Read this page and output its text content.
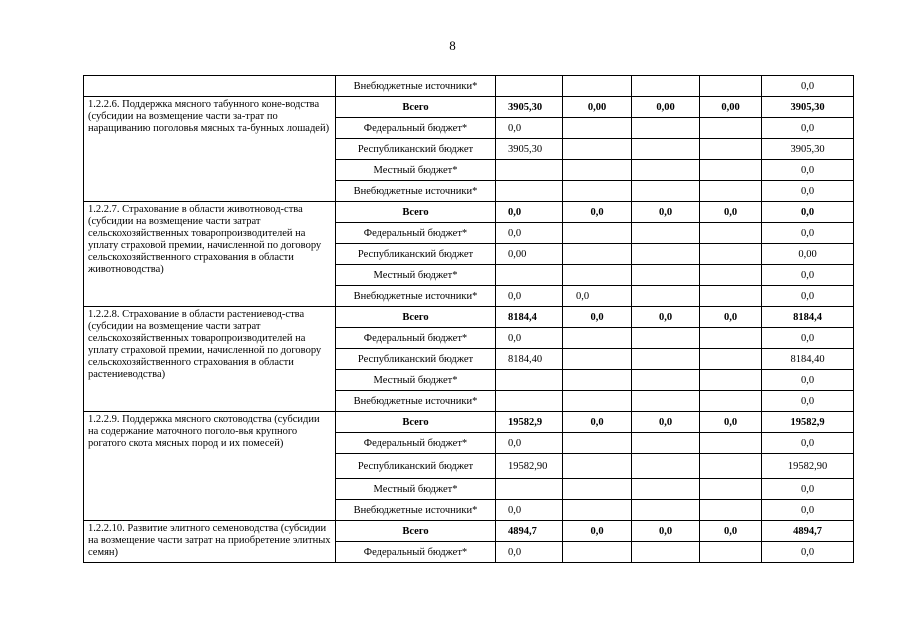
8
	Внебюджетные источники*					0,0
1.2.2.6. Поддержка мясного табунного коне-водства (субсидии на возмещение части за-трат по наращиванию поголовья мясных та-бунных лошадей)	Всего	3905,30	0,00	0,00	0,00	3905,30
	Федеральный бюджет*	0,0				0,0
	Республиканский бюджет	3905,30				3905,30
	Местный бюджет*					0,0
	Внебюджетные источники*					0,0
1.2.2.7. Страхование в области животновод-ства (субсидии на возмещение части затрат сельскохозяйственных товаропроизводителей на уплату страховой премии, начисленной по договору сельскохозяйственного страхования в области животноводства)	Всего	0,0	0,0	0,0	0,0	0,0
	Федеральный бюджет*	0,0				0,0
	Республиканский бюджет	0,00				0,00
	Местный бюджет*					0,0
	Внебюджетные источники*	0,0	0,0			0,0
1.2.2.8. Страхование в области растениевод-ства (субсидии на возмещение части затрат сельскохозяйственных товаропроизводителей на уплату страховой премии, начисленной по договору сельскохозяйственного страхования в области растениеводства)	Всего	8184,4	0,0	0,0	0,0	8184,4
	Федеральный бюджет*	0,0				0,0
	Республиканский бюджет	8184,40				8184,40
	Местный бюджет*					0,0
	Внебюджетные источники*					0,0
1.2.2.9. Поддержка мясного скотоводства (субсидии на содержание маточного поголо-вья крупного рогатого скота мясных пород и их помесей)	Всего	19582,9	0,0	0,0	0,0	19582,9
	Федеральный бюджет*	0,0				0,0
	Республиканский бюджет	19582,90				19582,90
	Местный бюджет*					0,0
	Внебюджетные источники*	0,0				0,0
1.2.2.10. Развитие элитного семеноводства (субсидии на возмещение части затрат на приобретение элитных семян)	Всего	4894,7	0,0	0,0	0,0	4894,7
	Федеральный бюджет*	0,0				0,0
